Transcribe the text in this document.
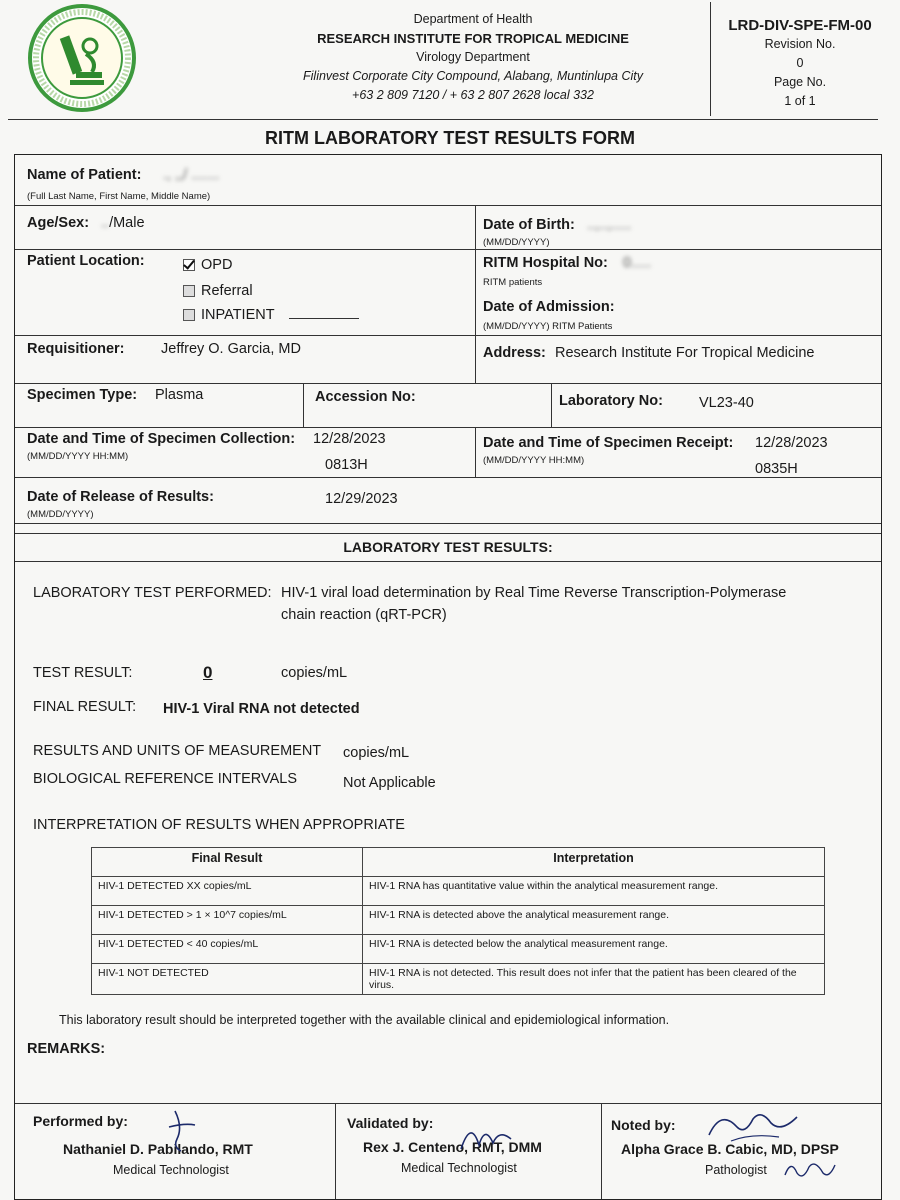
Department of Health
RESEARCH INSTITUTE FOR TROPICAL MEDICINE
Virology Department
Filinvest Corporate City Compound, Alabang, Muntinlupa City
+63 2 809 7120 / + 63 2 807 2628 local 332
LRD-DIV-SPE-FM-00
Revision No.
0
Page No.
1 of 1
RITM LABORATORY TEST RESULTS FORM
Name of Patient: ., ,,/ .......
(Full Last Name, First Name, Middle Name)
Age/Sex: ../Male	Date of Birth: ..,..,.....
(MM/DD/YYYY)
Patient Location:	OPD
Referral
INPATIENT
RITM Hospital No: 0.....
RITM patients
Date of Admission:
(MM/DD/YYYY) RITM Patients
Requisitioner:	Jeffrey O. Garcia, MD	Address: Research Institute For Tropical Medicine
Specimen Type: Plasma	Accession No:	Laboratory No: VL23-40
Date and Time of Specimen Collection:
(MM/DD/YYYY HH:MM)
12/28/2023
0813H
Date and Time of Specimen Receipt:
(MM/DD/YYYY HH:MM)
12/28/2023
0835H
Date of Release of Results:
(MM/DD/YYYY)
12/29/2023
LABORATORY TEST RESULTS:
LABORATORY TEST PERFORMED: HIV-1 viral load determination by Real Time Reverse Transcription-Polymerase
chain reaction (qRT-PCR)
TEST RESULT:	0	copies/mL
FINAL RESULT: HIV-1 Viral RNA not detected
RESULTS AND UNITS OF MEASUREMENT copies/mL
BIOLOGICAL REFERENCE INTERVALS	Not Applicable
INTERPRETATION OF RESULTS WHEN APPROPRIATE
Final Result	Interpretation
HIV-1 DETECTED XX copies/mL	HIV-1 RNA has quantitative value within the analytical measurement range.
HIV-1 DETECTED > 1 × 10^7 copies/mL	HIV-1 RNA is detected above the analytical measurement range.
HIV-1 DETECTED < 40 copies/mL	HIV-1 RNA is detected below the analytical measurement range.
HIV-1 NOT DETECTED	HIV-1 RNA is not detected. This result does not infer that the patient has been cleared of the virus.
This laboratory result should be interpreted together with the available clinical and epidemiological information.
REMARKS:
Performed by:
Nathaniel D. Pabilando, RMT
Medical Technologist
Validated by:
Rex J. Centeno, RMT, DMM
Medical Technologist
Noted by:
Alpha Grace B. Cabic, MD, DPSP
Pathologist
